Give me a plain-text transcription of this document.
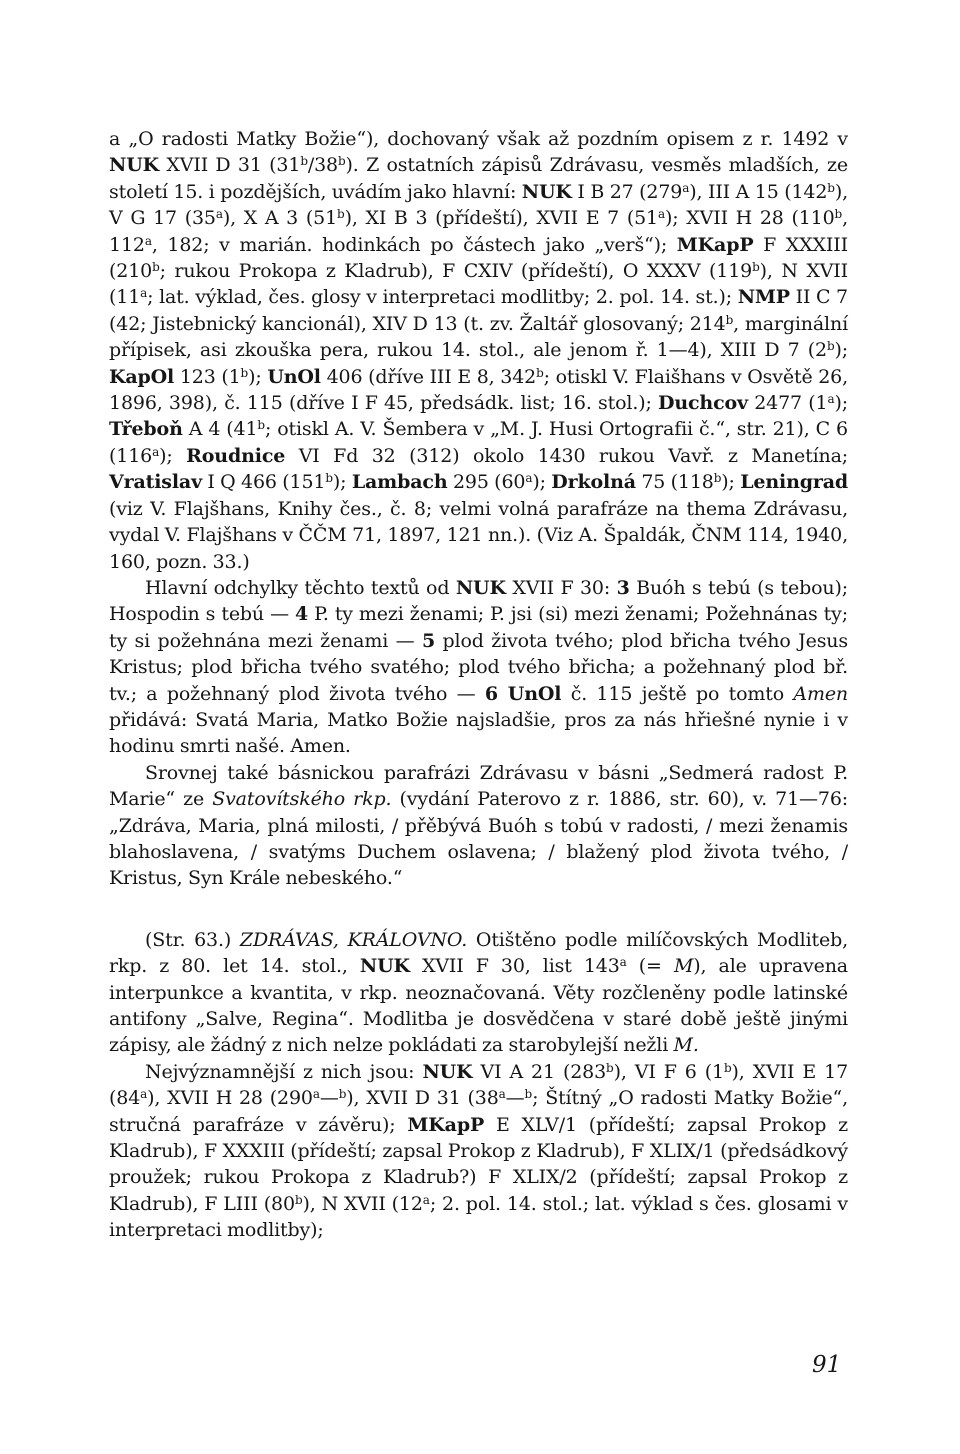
a „O radosti Matky Božie“), dochovaný však až pozdním opisem z r. 1492 v NUK XVII D 31 (31$^b$/38$^b$). Z ostatních zápisů Zdrávasu, vesměs mladších, ze století 15. i pozdějších, uvádím jako hlavní: NUK I B 27 (279$^a$), III A 15 (142$^b$), V G 17 (35$^a$), X A 3 (51$^b$), XI B 3 (přídeští), XVII E 7 (51$^a$); XVII H 28 (110$^b$, 112$^a$, 182; v marián. hodinkách po částech jako „verš“); MKapP F XXXIII (210$^b$; rukou Prokopa z Kladrub), F CXIV (přídeští), O XXXV (119$^b$), N XVII (11$^a$; lat. výklad, čes. glosy v interpretaci modlitby; 2. pol. 14. st.); NMP II C 7 (42; Jistebnický kancionál), XIV D 13 (t. zv. Žaltář glosovaný; 214$^b$, marginální přípisek, asi zkouška pera, rukou 14. stol., ale jenom ř. 1—4), XIII D 7 (2$^b$); KapOl 123 (1$^b$); UnOl 406 (dříve III E 8, 342$^b$; otiskl V. Flaišhans v Osvětě 26, 1896, 398), č. 115 (dříve I F 45, předsádk. list; 16. stol.); Duchcov 2477 (1$^a$); Třeboň A 4 (41$^b$; otiskl A. V. Šembera v „M. J. Husi Ortografii č.“, str. 21), C 6 (116$^a$); Roudnice VI Fd 32 (312) okolo 1430 rukou Vavř. z Manetína; Vratislav I Q 466 (151$^b$); Lambach 295 (60$^a$); Drkolná 75 (118$^b$); Leningrad (viz V. Flajšhans, Knihy čes., č. 8; velmi volná parafráze na thema Zdrávasu, vydal V. Flajšhans v ČČM 71, 1897, 121 nn.). (Viz A. Špaldák, ČNM 114, 1940, 160, pozn. 33.)

Hlavní odchylky těchto textů od NUK XVII F 30: 3 Buóh s tebú (s tebou); Hospodin s tebú — 4 P. ty mezi ženami; P. jsi (si) mezi ženami; Požehnánas ty; ty si požehnána mezi ženami — 5 plod života tvého; plod břicha tvého Jesus Kristus; plod břicha tvého svatého; plod tvého břicha; a požehnaný plod bř. tv.; a požehnaný plod života tvého — 6 UnOl č. 115 ještě po tomto Amen přidává: Svatá Maria, Matko Božie najsladšie, pros za nás hřiešné nynie i v hodinu smrti našé. Amen.

Srovnej také básnickou parafrázi Zdrávasu v básni „Sedmerá radost P. Marie“ ze Svatovítského rkp. (vydání Paterovo z r. 1886, str. 60), v. 71—76: „Zdráva, Maria, plná milosti, / přěbývá Buóh s tobú v radosti, / mezi ženamis blahoslavena, / svatýms Duchem oslavena; / blažený plod života tvého, / Kristus, Syn Krále nebeského.“

(Str. 63.) ZDRÁVAS, KRÁLOVNO. Otištěno podle milíčovských Modliteb, rkp. z 80. let 14. stol., NUK XVII F 30, list 143$^a$ (= M), ale upravena interpunkce a kvantita, v rkp. neoznačovaná. Věty rozčleněny podle latinské antifony „Salve, Regina“. Modlitba je dosvědčena v staré době ještě jinými zápisy, ale žádný z nich nelze pokládati za starobylejší nežli M.

Nejvýznamnější z nich jsou: NUK VI A 21 (283$^b$), VI F 6 (1$^b$), XVII E 17 (84$^a$), XVII H 28 (290$^a$—$^b$), XVII D 31 (38$^a$—$^b$; Štítný „O radosti Matky Božie“, stručná parafráze v závěru); MKapP E XLV/1 (přídeští; zapsal Prokop z Kladrub), F XXXIII (přídeští; zapsal Prokop z Kladrub), F XLIX/1 (předsádkový proužek; rukou Prokopa z Kladrub?) F XLIX/2 (přídeští; zapsal Prokop z Kladrub), F LIII (80$^b$), N XVII (12$^a$; 2. pol. 14. stol.; lat. výklad s čes. glosami v interpretaci modlitby);

91
